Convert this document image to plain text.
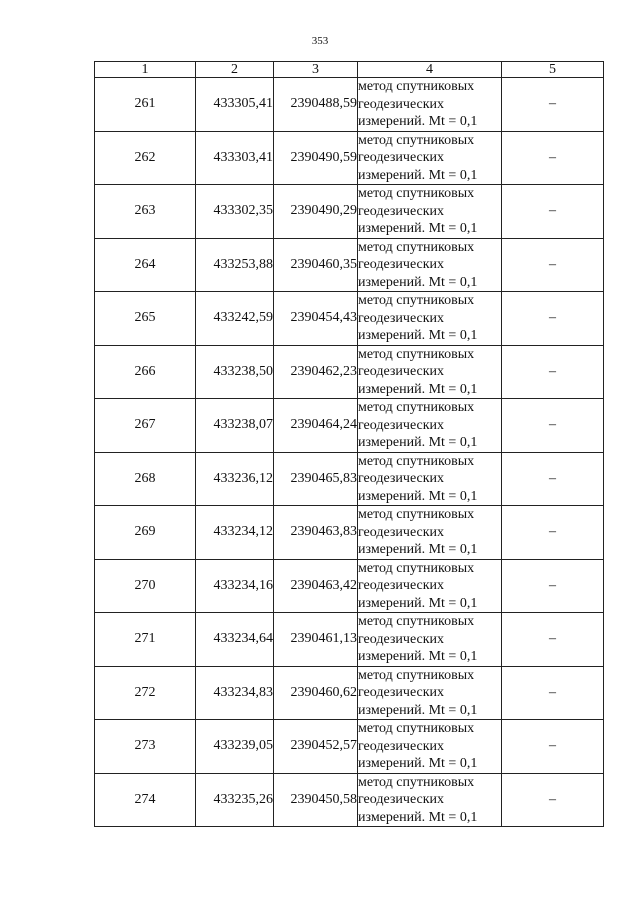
353
1	2	3	4	5
261	433305,41	2390488,59	метод спутниковых
геодезических
измерений. Mt = 0,1	–
262	433303,41	2390490,59	метод спутниковых
геодезических
измерений. Mt = 0,1	–
263	433302,35	2390490,29	метод спутниковых
геодезических
измерений. Mt = 0,1	–
264	433253,88	2390460,35	метод спутниковых
геодезических
измерений. Mt = 0,1	–
265	433242,59	2390454,43	метод спутниковых
геодезических
измерений. Mt = 0,1	–
266	433238,50	2390462,23	метод спутниковых
геодезических
измерений. Mt = 0,1	–
267	433238,07	2390464,24	метод спутниковых
геодезических
измерений. Mt = 0,1	–
268	433236,12	2390465,83	метод спутниковых
геодезических
измерений. Mt = 0,1	–
269	433234,12	2390463,83	метод спутниковых
геодезических
измерений. Mt = 0,1	–
270	433234,16	2390463,42	метод спутниковых
геодезических
измерений. Mt = 0,1	–
271	433234,64	2390461,13	метод спутниковых
геодезических
измерений. Mt = 0,1	–
272	433234,83	2390460,62	метод спутниковых
геодезических
измерений. Mt = 0,1	–
273	433239,05	2390452,57	метод спутниковых
геодезических
измерений. Mt = 0,1	–
274	433235,26	2390450,58	метод спутниковых
геодезических
измерений. Mt = 0,1	–
